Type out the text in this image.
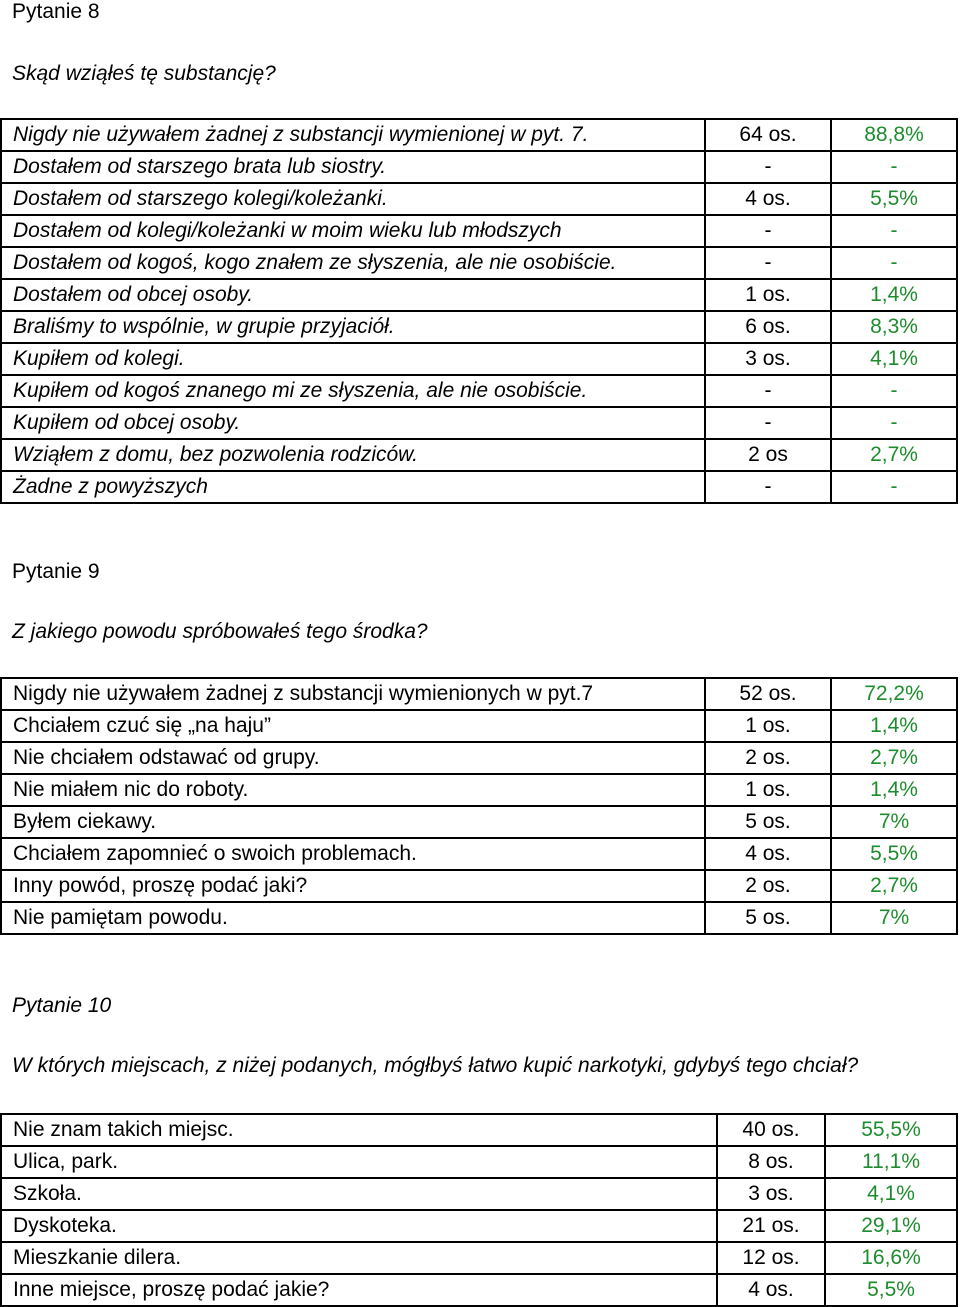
Pytanie 8
Skąd wziąłeś tę substancję?
Nigdy nie używałem żadnej z substancji wymienionej w pyt. 7.	64 os.	88,8%
Dostałem od starszego brata lub siostry.	-	-
Dostałem od starszego kolegi/koleżanki.	4 os.	5,5%
Dostałem od kolegi/koleżanki w moim wieku lub młodszych	-	-
Dostałem od kogoś, kogo znałem ze słyszenia, ale nie osobiście.	-	-
Dostałem od obcej osoby.	1 os.	1,4%
Braliśmy to wspólnie, w grupie przyjaciół.	6 os.	8,3%
Kupiłem od kolegi.	3 os.	4,1%
Kupiłem od kogoś znanego mi ze słyszenia, ale nie osobiście.	-	-
Kupiłem od obcej osoby.	-	-
Wziąłem z domu, bez pozwolenia rodziców.	2 os	2,7%
Żadne z powyższych	-	-
Pytanie 9
Z jakiego powodu spróbowałeś tego środka?
Nigdy nie używałem żadnej z substancji wymienionych w pyt.7	52 os.	72,2%
Chciałem czuć się „na haju”	1 os.	1,4%
Nie chciałem odstawać od grupy.	2 os.	2,7%
Nie miałem nic do roboty.	1 os.	1,4%
Byłem ciekawy.	5 os.	7%
Chciałem zapomnieć o swoich problemach.	4 os.	5,5%
Inny powód, proszę podać jaki?	2 os.	2,7%
Nie pamiętam powodu.	5 os.	7%
Pytanie 10
W których miejscach, z niżej podanych, mógłbyś łatwo kupić narkotyki, gdybyś tego chciał?
Nie znam takich miejsc.	40 os.	55,5%
Ulica, park.	8 os.	11,1%
Szkoła.	3 os.	4,1%
Dyskoteka.	21 os.	29,1%
Mieszkanie dilera.	12 os.	16,6%
Inne miejsce, proszę podać jakie?	4 os.	5,5%
